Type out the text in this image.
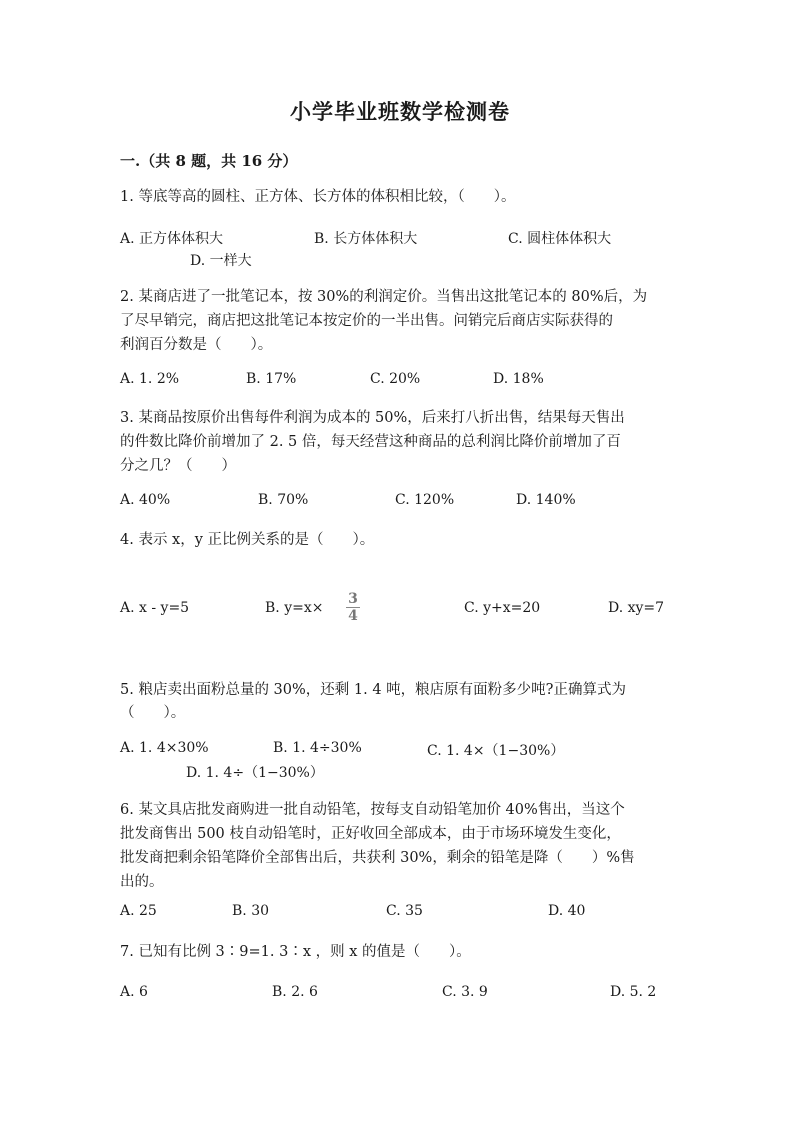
小学毕业班数学检测卷
一.（共 8 题，共 16 分）
1. 等底等高的圆柱、正方体、长方体的体积相比较，（　　）。
A. 正方体体积大	B. 长方体体积大	C. 圆柱体体积大
D. 一样大
2. 某商店进了一批笔记本，按 30%的利润定价。当售出这批笔记本的 80%后，为
了尽早销完，商店把这批笔记本按定价的一半出售。问销完后商店实际获得的
利润百分数是（　　）。
A. 1. 2%	B. 17%	C. 20%	D. 18%
3. 某商品按原价出售每件利润为成本的 50%，后来打八折出售，结果每天售出
的件数比降价前增加了 2. 5 倍，每天经营这种商品的总利润比降价前增加了百
分之几？（　　）
A. 40%	B. 70%	C. 120%	D. 140%
4. 表示 x，y 正比例关系的是（　　）。
A. x - y=5	B. y=x×
3
4	C. y+x=20	D. xy=7
5. 粮店卖出面粉总量的 30%，还剩 1. 4 吨，粮店原有面粉多少吨?正确算式为
（　　）。
A. 1. 4×30%	B. 1. 4÷30%	C. 1. 4×（1−30%）
D. 1. 4÷（1−30%）
6. 某文具店批发商购进一批自动铅笔，按每支自动铅笔加价 40%售出，当这个
批发商售出 500 枝自动铅笔时，正好收回全部成本，由于市场环境发生变化，
批发商把剩余铅笔降价全部售出后，共获利 30%，剩余的铅笔是降（　　）%售
出的。
A. 25	B. 30	C. 35	D. 40
7. 已知有比例 3∶9=1. 3∶x ，则 x 的值是（　　）。
A. 6	B. 2. 6	C. 3. 9	D. 5. 2
